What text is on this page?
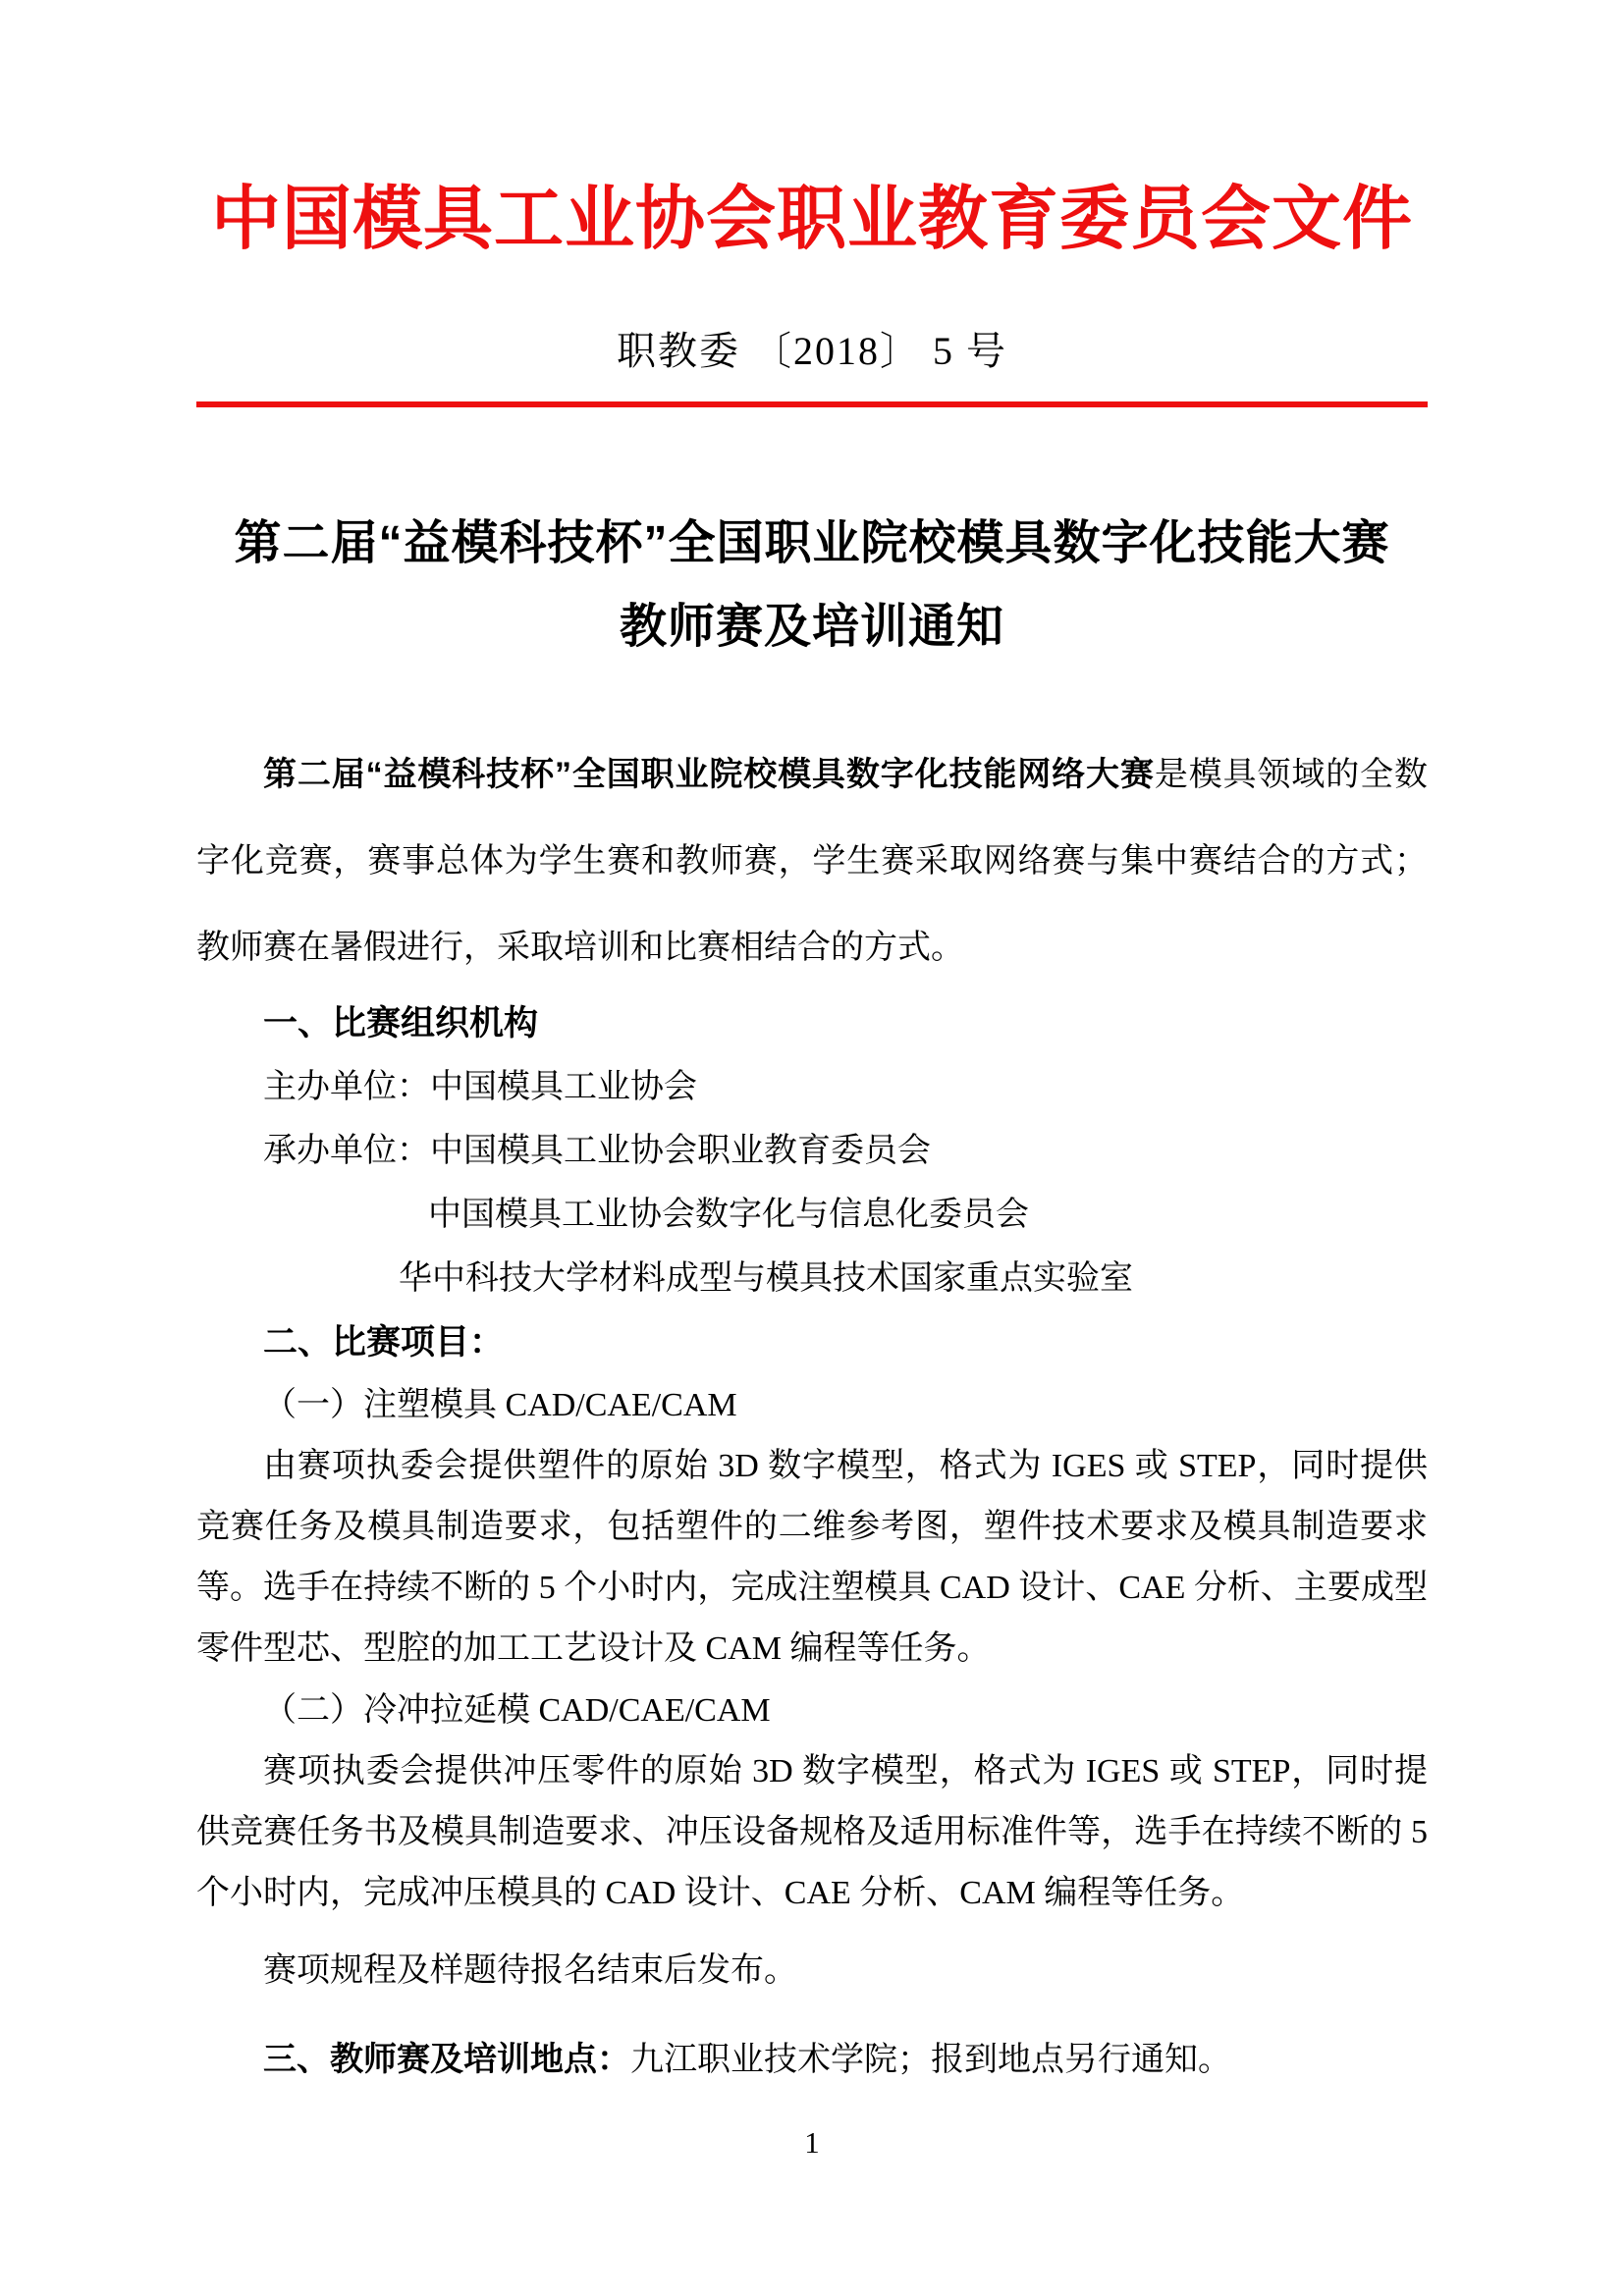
中国模具工业协会职业教育委员会文件
职教委 〔2018〕 5 号
第二届“益模科技杯”全国职业院校模具数字化技能大赛
教师赛及培训通知

第二届“益模科技杯”全国职业院校模具数字化技能网络大赛是模具领域的全数字化竞赛，赛事总体为学生赛和教师赛，学生赛采取网络赛与集中赛结合的方式；教师赛在暑假进行，采取培训和比赛相结合的方式。

一、比赛组织机构
主办单位：中国模具工业协会
承办单位：中国模具工业协会职业教育委员会
中国模具工业协会数字化与信息化委员会
华中科技大学材料成型与模具技术国家重点实验室
二、比赛项目：
（一）注塑模具 CAD/CAE/CAM

由赛项执委会提供塑件的原始 3D 数字模型，格式为 IGES 或 STEP，同时提供竞赛任务及模具制造要求，包括塑件的二维参考图，塑件技术要求及模具制造要求等。选手在持续不断的 5 个小时内，完成注塑模具 CAD 设计、CAE 分析、主要成型零件型芯、型腔的加工工艺设计及 CAM 编程等任务。

（二）冷冲拉延模 CAD/CAE/CAM

赛项执委会提供冲压零件的原始 3D 数字模型，格式为 IGES 或 STEP，同时提供竞赛任务书及模具制造要求、冲压设备规格及适用标准件等，选手在持续不断的 5 个小时内，完成冲压模具的 CAD 设计、CAE 分析、CAM 编程等任务。

赛项规程及样题待报名结束后发布。
三、教师赛及培训地点：九江职业技术学院；报到地点另行通知。
1
